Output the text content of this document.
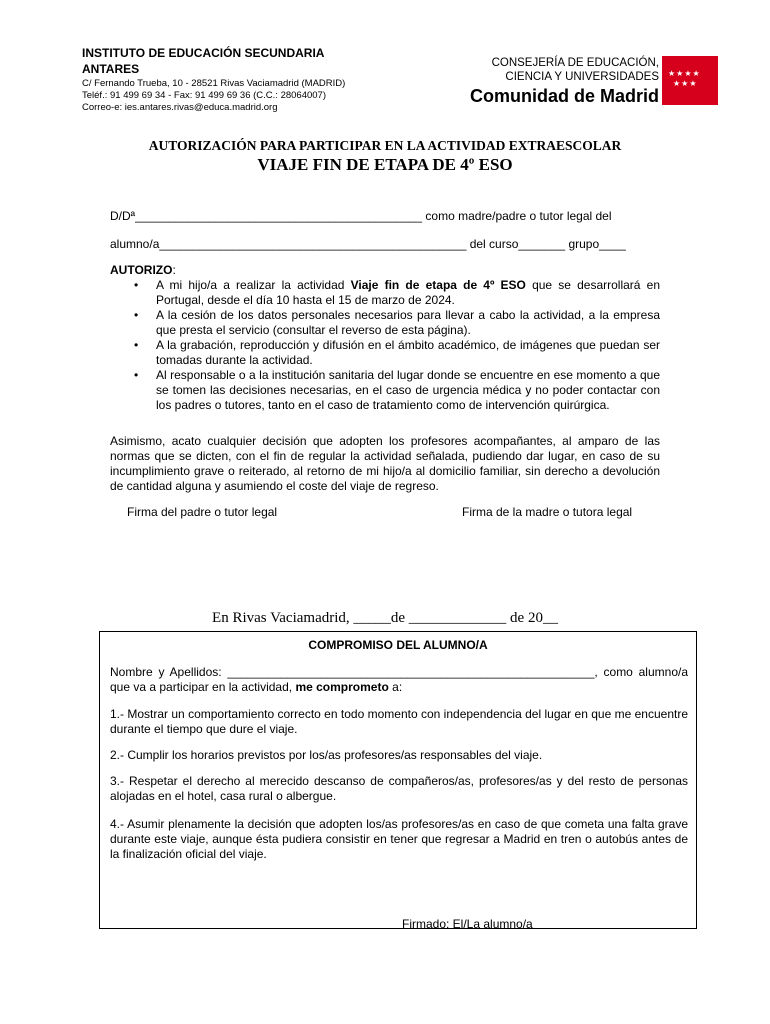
INSTITUTO DE EDUCACIÓN SECUNDARIA
ANTARES
C/ Fernando Trueba, 10 - 28521 Rivas Vaciamadrid (MADRID)
Teléf.: 91 499 69 34 - Fax: 91 499 69 36 (C.C.: 28064007)
Correo-e: ies.antares.rivas@educa.madrid.org
CONSEJERÍA DE EDUCACIÓN,
CIENCIA Y UNIVERSIDADES
Comunidad de Madrid
★★★★
★★★
AUTORIZACIÓN PARA PARTICIPAR EN LA ACTIVIDAD EXTRAESCOLAR
VIAJE FIN DE ETAPA DE 4º ESO
D/Dª___________________________________________ como madre/padre o tutor legal del
alumno/a______________________________________________ del curso_______ grupo____
AUTORIZO:
• A mi hijo/a a realizar la actividad Viaje fin de etapa de 4º ESO que se desarrollará en Portugal, desde el día 10 hasta el 15 de marzo de 2024.
• A la cesión de los datos personales necesarios para llevar a cabo la actividad, a la empresa que presta el servicio (consultar el reverso de esta página).
• A la grabación, reproducción y difusión en el ámbito académico, de imágenes que puedan ser tomadas durante la actividad.
• Al responsable o a la institución sanitaria del lugar donde se encuentre en ese momento a que se tomen las decisiones necesarias, en el caso de urgencia médica y no poder contactar con los padres o tutores, tanto en el caso de tratamiento como de intervención quirúrgica.
Asimismo, acato cualquier decisión que adopten los profesores acompañantes, al amparo de las normas que se dicten, con el fin de regular la actividad señalada, pudiendo dar lugar, en caso de su incumplimiento grave o reiterado, al retorno de mi hijo/a al domicilio familiar, sin derecho a devolución de cantidad alguna y asumiendo el coste del viaje de regreso.
Firma del padre o tutor legal	Firma de la madre o tutora legal
En Rivas Vaciamadrid, _____de _____________ de 20__
COMPROMISO DEL ALUMNO/A
Nombre y Apellidos: _______________________________________________________, como alumno/a que va a participar en la actividad, me comprometo a:
1.- Mostrar un comportamiento correcto en todo momento con independencia del lugar en que me encuentre durante el tiempo que dure el viaje.
2.- Cumplir los horarios previstos por los/as profesores/as responsables del viaje.
3.- Respetar el derecho al merecido descanso de compañeros/as, profesores/as y del resto de personas alojadas en el hotel, casa rural o albergue.
4.- Asumir plenamente la decisión que adopten los/as profesores/as en caso de que cometa una falta grave durante este viaje, aunque ésta pudiera consistir en tener que regresar a Madrid en tren o autobús antes de la finalización oficial del viaje.
Firmado: El/La alumno/a
